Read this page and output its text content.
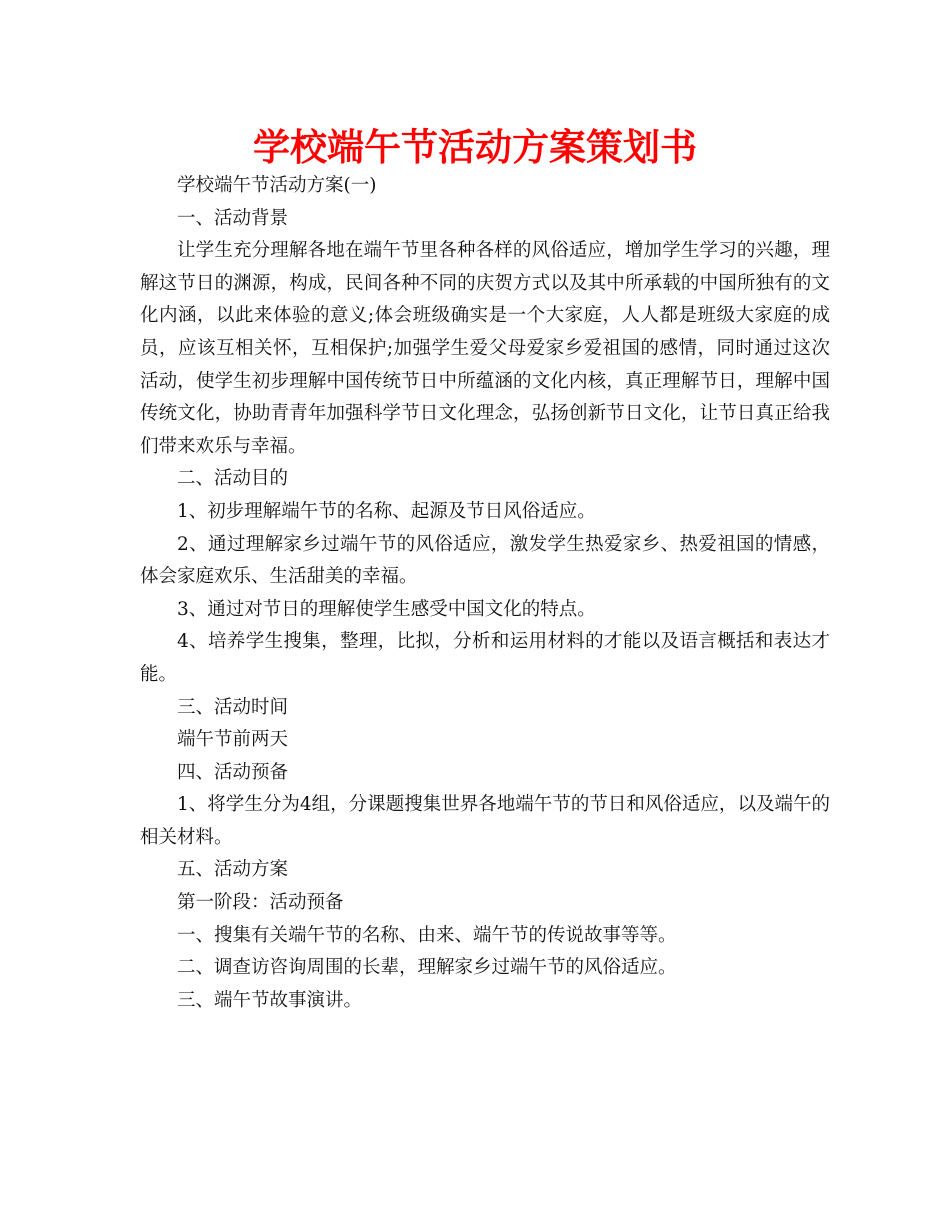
学校端午节活动方案策划书

学校端午节活动方案(一)

一、活动背景

让学生充分理解各地在端午节里各种各样的风俗适应，增加学生学习的兴趣，理解这节日的渊源，构成，民间各种不同的庆贺方式以及其中所承载的中国所独有的文化内涵，以此来体验的意义;体会班级确实是一个大家庭，人人都是班级大家庭的成员，应该互相关怀，互相保护;加强学生爱父母爱家乡爱祖国的感情，同时通过这次活动，使学生初步理解中国传统节日中所蕴涵的文化内核，真正理解节日，理解中国传统文化，协助青青年加强科学节日文化理念，弘扬创新节日文化，让节日真正给我们带来欢乐与幸福。

二、活动目的

1、初步理解端午节的名称、起源及节日风俗适应。

2、通过理解家乡过端午节的风俗适应，激发学生热爱家乡、热爱祖国的情感，体会家庭欢乐、生活甜美的幸福。

3、通过对节日的理解使学生感受中国文化的特点。

4、培养学生搜集，整理，比拟，分析和运用材料的才能以及语言概括和表达才能。

三、活动时间

端午节前两天

四、活动预备

1、将学生分为4组，分课题搜集世界各地端午节的节日和风俗适应，以及端午的相关材料。

五、活动方案

第一阶段：活动预备

一、搜集有关端午节的名称、由来、端午节的传说故事等等。

二、调查访咨询周围的长辈，理解家乡过端午节的风俗适应。

三、端午节故事演讲。
